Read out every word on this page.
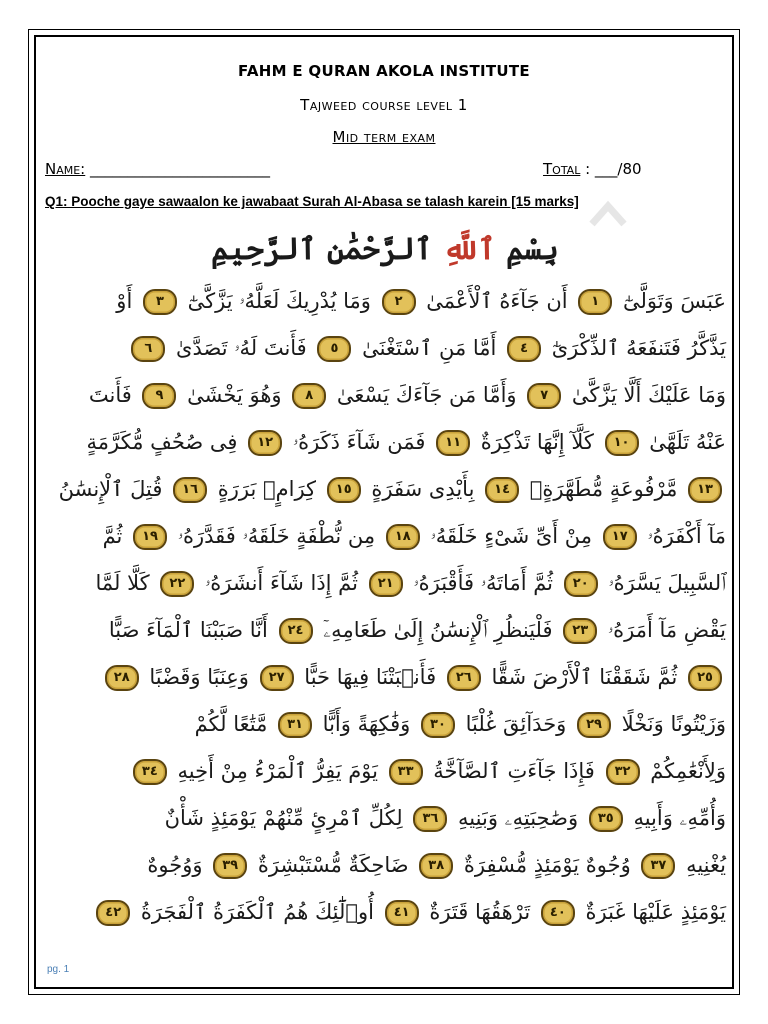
FAHM E QURAN AKOLA INSTITUTE
Tajweed course level 1
Mid term exam
Name: ________________________	Total : ___/80
Q1: Pooche gaye sawaalon ke jawabaat Surah Al-Abasa se talash karein [15 marks]
بِسْمِ ٱللَّهِ ٱلرَّحْمَٰنِ ٱلرَّحِيمِ
عَبَسَ وَتَوَلَّىٰٓ ١ أَن جَآءَهُ ٱلْأَعْمَىٰ ٢ وَمَا يُدْرِيكَ لَعَلَّهُۥ يَزَّكَّىٰٓ ٣ أَوْ
يَذَّكَّرُ فَتَنفَعَهُ ٱلذِّكْرَىٰٓ ٤ أَمَّا مَنِ ٱسْتَغْنَىٰ ٥ فَأَنتَ لَهُۥ تَصَدَّىٰ ٦
وَمَا عَلَيْكَ أَلَّا يَزَّكَّىٰ ٧ وَأَمَّا مَن جَآءَكَ يَسْعَىٰ ٨ وَهُوَ يَخْشَىٰ ٩ فَأَنتَ
عَنْهُ تَلَهَّىٰ ١٠ كَلَّآ إِنَّهَا تَذْكِرَةٌ ١١ فَمَن شَآءَ ذَكَرَهُۥ ١٢ فِى صُحُفٍ مُّكَرَّمَةٍ
١٣ مَّرْفُوعَةٍ مُّطَهَّرَةٍۭ ١٤ بِأَيْدِى سَفَرَةٍ ١٥ كِرَامٍۭ بَرَرَةٍ ١٦ قُتِلَ ٱلْإِنسَٰنُ
مَآ أَكْفَرَهُۥ ١٧ مِنْ أَىِّ شَىْءٍ خَلَقَهُۥ ١٨ مِن نُّطْفَةٍ خَلَقَهُۥ فَقَدَّرَهُۥ ١٩ ثُمَّ
ٱلسَّبِيلَ يَسَّرَهُۥ ٢٠ ثُمَّ أَمَاتَهُۥ فَأَقْبَرَهُۥ ٢١ ثُمَّ إِذَا شَآءَ أَنشَرَهُۥ ٢٢ كَلَّا لَمَّا
يَقْضِ مَآ أَمَرَهُۥ ٢٣ فَلْيَنظُرِ ٱلْإِنسَٰنُ إِلَىٰ طَعَامِهِۦٓ ٢٤ أَنَّا صَبَبْنَا ٱلْمَآءَ صَبًّا
٢٥ ثُمَّ شَقَقْنَا ٱلْأَرْضَ شَقًّا ٢٦ فَأَنۢبَتْنَا فِيهَا حَبًّا ٢٧ وَعِنَبًا وَقَضْبًا ٢٨
وَزَيْتُونًا وَنَخْلًا ٢٩ وَحَدَآئِقَ غُلْبًا ٣٠ وَفَٰكِهَةً وَأَبًّا ٣١ مَّتَٰعًا لَّكُمْ
وَلِأَنْعَٰمِكُمْ ٣٢ فَإِذَا جَآءَتِ ٱلصَّآخَّةُ ٣٣ يَوْمَ يَفِرُّ ٱلْمَرْءُ مِنْ أَخِيهِ ٣٤
وَأُمِّهِۦ وَأَبِيهِ ٣٥ وَصَٰحِبَتِهِۦ وَبَنِيهِ ٣٦ لِكُلِّ ٱمْرِئٍ مِّنْهُمْ يَوْمَئِذٍ شَأْنٌ
يُغْنِيهِ ٣٧ وُجُوهٌ يَوْمَئِذٍ مُّسْفِرَةٌ ٣٨ ضَاحِكَةٌ مُّسْتَبْشِرَةٌ ٣٩ وَوُجُوهٌ
يَوْمَئِذٍ عَلَيْهَا غَبَرَةٌ ٤٠ تَرْهَقُهَا قَتَرَةٌ ٤١ أُو۟لَٰٓئِكَ هُمُ ٱلْكَفَرَةُ ٱلْفَجَرَةُ ٤٢
pg. 1
